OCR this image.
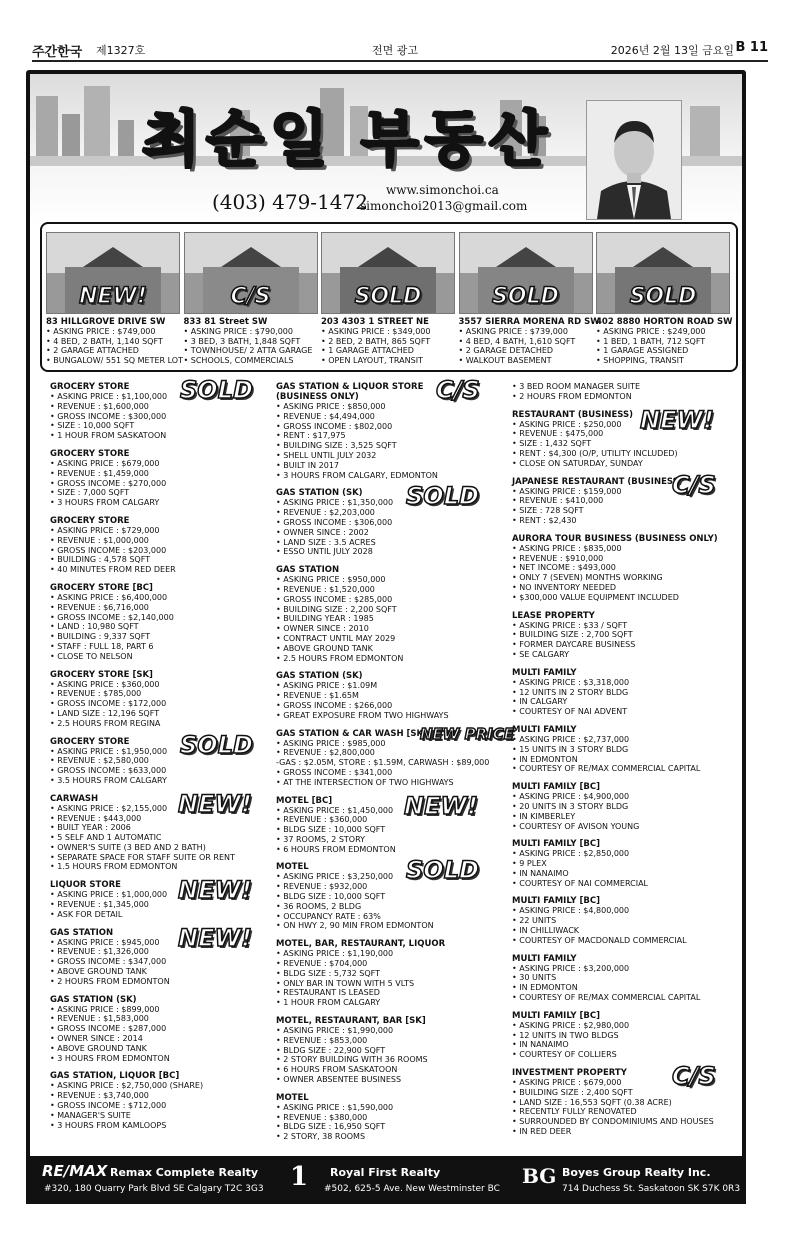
주간한국 제1327호	전면 광고	2026년 2월 13일 금요일 B 11
최순일 부동산
(403) 479-1472	www.simonchoi.ca
simonchoi2013@gmail.com
NEW!
83 HILLGROVE DRIVE SW
• ASKING PRICE : $749,000
• 4 BED, 2 BATH, 1,140 SQFT
• 2 GARAGE ATTACHED
• BUNGALOW/ 551 SQ METER LOT
C/S
833 81 Street SW
• ASKING PRICE : $790,000
• 3 BED, 3 BATH, 1,848 SQFT
• TOWNHOUSE/ 2 ATTA GARAGE
• SCHOOLS, COMMERCIALS
SOLD
203 4303 1 STREET NE
• ASKING PRICE : $349,000
• 2 BED, 2 BATH, 865 SQFT
• 1 GARAGE ATTACHED
• OPEN LAYOUT, TRANSIT
SOLD
3557 SIERRA MORENA RD SW
• ASKING PRICE : $739,000
• 4 BED, 4 BATH, 1,610 SQFT
• 2 GARAGE DETACHED
• WALKOUT BASEMENT
SOLD
402 8880 HORTON ROAD SW
• ASKING PRICE : $249,000
• 1 BED, 1 BATH, 712 SQFT
• 1 GARAGE ASSIGNED
• SHOPPING, TRANSIT
GROCERY STORE
• ASKING PRICE : $1,100,000
• REVENUE : $1,600,000
• GROSS INCOME : $300,000
• SIZE : 10,000 SQFT
• 1 HOUR FROM SASKATOON
SOLD
GROCERY STORE
• ASKING PRICE : $679,000
• REVENUE : $1,459,000
• GROSS INCOME : $270,000
• SIZE : 7,000 SQFT
• 3 HOURS FROM CALGARY
GROCERY STORE
• ASKING PRICE : $729,000
• REVENUE : $1,000,000
• GROSS INCOME : $203,000
• BUILDING : 4,578 SQFT
• 40 MINUTES FROM RED DEER
GROCERY STORE [BC]
• ASKING PRICE : $6,400,000
• REVENUE : $6,716,000
• GROSS INCOME : $2,140,000
• LAND : 10,980 SQFT
• BUILDING : 9,337 SQFT
• STAFF : FULL 18, PART 6
• CLOSE TO NELSON
GROCERY STORE [SK]
• ASKING PRICE : $360,000
• REVENUE : $785,000
• GROSS INCOME : $172,000
• LAND SIZE : 12,196 SQFT
• 2.5 HOURS FROM REGINA
GROCERY STORE
• ASKING PRICE : $1,950,000
• REVENUE : $2,580,000
• GROSS INCOME : $633,000
• 3.5 HOURS FROM CALGARY
SOLD
CARWASH
• ASKING PRICE : $2,155,000
• REVENUE : $443,000
• BUILT YEAR : 2006
• 5 SELF AND 1 AUTOMATIC
• OWNER'S SUITE (3 BED AND 2 BATH)
• SEPARATE SPACE FOR STAFF SUITE OR RENT
• 1.5 HOURS FROM EDMONTON
NEW!
LIQUOR STORE
• ASKING PRICE : $1,000,000
• REVENUE : $1,345,000
• ASK FOR DETAIL
NEW!
GAS STATION
• ASKING PRICE : $945,000
• REVENUE : $1,326,000
• GROSS INCOME : $347,000
• ABOVE GROUND TANK
• 2 HOURS FROM EDMONTON
NEW!
GAS STATION (SK)
• ASKING PRICE : $899,000
• REVENUE : $1,583,000
• GROSS INCOME : $287,000
• OWNER SINCE : 2014
• ABOVE GROUND TANK
• 3 HOURS FROM EDMONTON
GAS STATION, LIQUOR [BC]
• ASKING PRICE : $2,750,000 (SHARE)
• REVENUE : $3,740,000
• GROSS INCOME : $712,000
• MANAGER'S SUITE
• 3 HOURS FROM KAMLOOPS
GAS STATION & LIQUOR STORE
(BUSINESS ONLY)
• ASKING PRICE : $850,000
• REVENUE : $4,494,000
• GROSS INCOME : $802,000
• RENT : $17,975
• BUILDING SIZE : 3,525 SQFT
• SHELL UNTIL JULY 2032
• BUILT IN 2017
• 3 HOURS FROM CALGARY, EDMONTON
C/S
GAS STATION (SK)
• ASKING PRICE : $1,350,000
• REVENUE : $2,203,000
• GROSS INCOME : $306,000
• OWNER SINCE : 2002
• LAND SIZE : 3.5 ACRES
• ESSO UNTIL JULY 2028
SOLD
GAS STATION
• ASKING PRICE : $950,000
• REVENUE : $1,520,000
• GROSS INCOME : $285,000
• BUILDING SIZE : 2,200 SQFT
• BUILDING YEAR : 1985
• OWNER SINCE : 2010
• CONTRACT UNTIL MAY 2029
• ABOVE GROUND TANK
• 2.5 HOURS FROM EDMONTON
GAS STATION (SK)
• ASKING PRICE : $1.09M
• REVENUE : $1.65M
• GROSS INCOME : $266,000
• GREAT EXPOSURE FROM TWO HIGHWAYS
GAS STATION & CAR WASH [SK]
• ASKING PRICE : $985,000
• REVENUE : $2,800,000
-GAS : $2.05M, STORE : $1.59M, CARWASH : $89,000
• GROSS INCOME : $341,000
• AT THE INTERSECTION OF TWO HIGHWAYS
NEW PRICE
MOTEL [BC]
• ASKING PRICE : $1,450,000
• REVENUE : $360,000
• BLDG SIZE : 10,000 SQFT
• 37 ROOMS, 2 STORY
• 6 HOURS FROM EDMONTON
NEW!
MOTEL
• ASKING PRICE : $3,250,000
• REVENUE : $932,000
• BLDG SIZE : 10,000 SQFT
• 36 ROOMS, 2 BLDG
• OCCUPANCY RATE : 63%
• ON HWY 2, 90 MIN FROM EDMONTON
SOLD
MOTEL, BAR, RESTAURANT, LIQUOR
• ASKING PRICE : $1,190,000
• REVENUE : $704,000
• BLDG SIZE : 5,732 SQFT
• ONLY BAR IN TOWN WITH 5 VLTS
• RESTAURANT IS LEASED
• 1 HOUR FROM CALGARY
MOTEL, RESTAURANT, BAR [SK]
• ASKING PRICE : $1,990,000
• REVENUE : $853,000
• BLDG SIZE : 22,900 SQFT
• 2 STORY BUILDING WITH 36 ROOMS
• 6 HOURS FROM SASKATOON
• OWNER ABSENTEE BUSINESS
MOTEL
• ASKING PRICE : $1,590,000
• REVENUE : $380,000
• BLDG SIZE : 16,950 SQFT
• 2 STORY, 38 ROOMS
• 3 BED ROOM MANAGER SUITE
• 2 HOURS FROM EDMONTON
RESTAURANT (BUSINESS)
• ASKING PRICE : $250,000
• REVENUE : $475,000
• SIZE : 1,432 SQFT
• RENT : $4,300 (O/P, UTILITY INCLUDED)
• CLOSE ON SATURDAY, SUNDAY
NEW!
JAPANESE RESTAURANT (BUSINESS)
• ASKING PRICE : $159,000
• REVENUE : $410,000
• SIZE : 728 SQFT
• RENT : $2,430
C/S
AURORA TOUR BUSINESS (BUSINESS ONLY)
• ASKING PRICE : $835,000
• REVENUE : $910,000
• NET INCOME : $493,000
• ONLY 7 (SEVEN) MONTHS WORKING
• NO INVENTORY NEEDED
• $300,000 VALUE EQUIPMENT INCLUDED
LEASE PROPERTY
• ASKING PRICE : $33 / SQFT
• BUILDING SIZE : 2,700 SQFT
• FORMER DAYCARE BUSINESS
• SE CALGARY
MULTI FAMILY
• ASKING PRICE : $3,318,000
• 12 UNITS IN 2 STORY BLDG
• IN CALGARY
• COURTESY OF NAI ADVENT
MULTI FAMILY
• ASKING PRICE : $2,737,000
• 15 UNITS IN 3 STORY BLDG
• IN EDMONTON
• COURTESY OF RE/MAX COMMERCIAL CAPITAL
MULTI FAMILY [BC]
• ASKING PRICE : $4,900,000
• 20 UNITS IN 3 STORY BLDG
• IN KIMBERLEY
• COURTESY OF AVISON YOUNG
MULTI FAMILY [BC]
• ASKING PRICE : $2,850,000
• 9 PLEX
• IN NANAIMO
• COURTESY OF NAI COMMERCIAL
MULTI FAMILY [BC]
• ASKING PRICE : $4,800,000
• 22 UNITS
• IN CHILLIWACK
• COURTESY OF MACDONALD COMMERCIAL
MULTI FAMILY
• ASKING PRICE : $3,200,000
• 30 UNITS
• IN EDMONTON
• COURTESY OF RE/MAX COMMERCIAL CAPITAL
MULTI FAMILY [BC]
• ASKING PRICE : $2,980,000
• 12 UNITS IN TWO BLDGS
• IN NANAIMO
• COURTESY OF COLLIERS
INVESTMENT PROPERTY
• ASKING PRICE : $679,000
• BUILDING SIZE : 2,400 SQFT
• LAND SIZE : 16,553 SQFT (0.38 ACRE)
• RECENTLY FULLY RENOVATED
• SURROUNDED BY CONDOMINIUMS AND HOUSES
• IN RED DEER
C/S
RE/MAX Remax Complete Realty
#320, 180 Quarry Park Blvd SE Calgary T2C 3G3 1 Royal First Realty
#502, 625-5 Ave. New Westminster BC
BG Boyes Group Realty Inc.
714 Duchess St. Saskatoon SK S7K 0R3
